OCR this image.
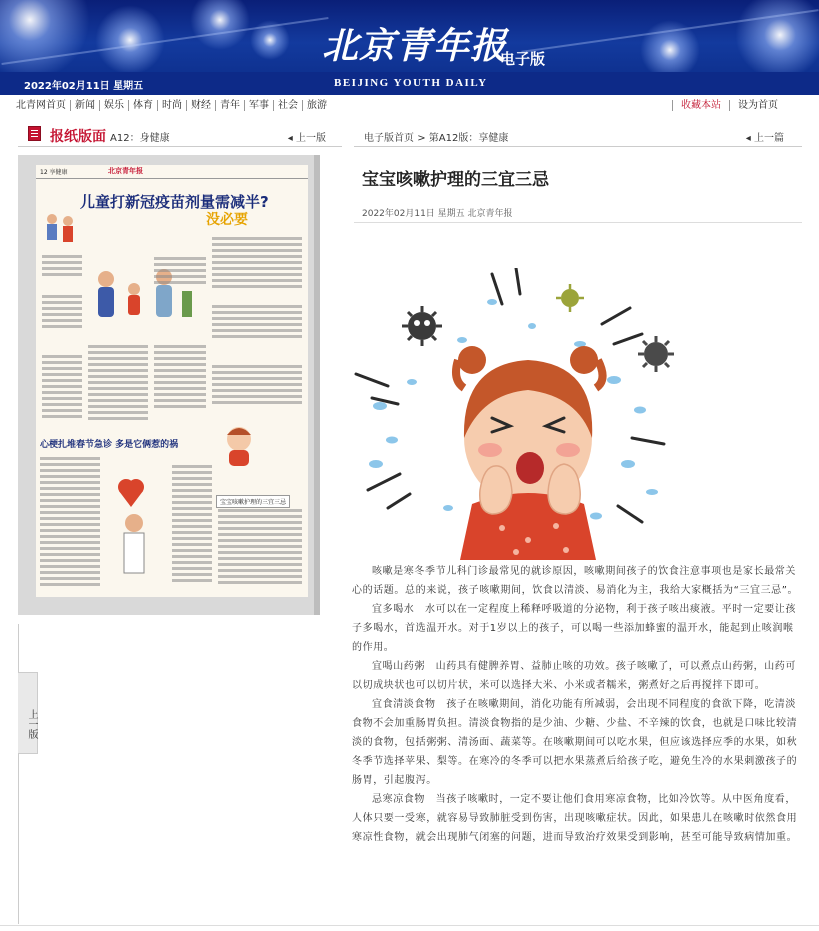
2022年02月11日 星期五
北京青年报
电子版
BEIJING YOUTH DAILY
北青网首页 新闻 娱乐 体育 时尚 财经 青年 军事 社会 旅游	收藏本站	设为首页
报纸版面 A12：身健康	◂ 上一版
12 享健康	北京青年报
儿童打新冠疫苗剂量需减半?
没必要
心梗扎堆春节急诊 多是它俩惹的祸
宝宝咳嗽护理的三宜三忌
上一版
电子版首页 > 第A12版：享健康	◂ 上一篇
宝宝咳嗽护理的三宜三忌
2022年02月11日 星期五 北京青年报

咳嗽是寒冬季节儿科门诊最常见的就诊原因，咳嗽期间孩子的饮食注意事项也是家长最常关心的话题。总的来说，孩子咳嗽期间，饮食以清淡、易消化为主，我给大家概括为“三宜三忌”。

宜多喝水　水可以在一定程度上稀释呼吸道的分泌物，利于孩子咳出痰液。平时一定要让孩子多喝水，首选温开水。对于1岁以上的孩子，可以喝一些添加蜂蜜的温开水，能起到止咳润喉的作用。

宜喝山药粥　山药具有健脾养胃、益肺止咳的功效。孩子咳嗽了，可以煮点山药粥，山药可以切成块状也可以切片状，米可以选择大米、小米或者糯米，粥煮好之后再搅拌下即可。

宜食清淡食物　孩子在咳嗽期间，消化功能有所减弱，会出现不同程度的食欲下降，吃清淡食物不会加重肠胃负担。清淡食物指的是少油、少糖、少盐、不辛辣的饮食，也就是口味比较清淡的食物，包括粥粥、清汤面、蔬菜等。在咳嗽期间可以吃水果，但应该选择应季的水果，如秋冬季节选择苹果、梨等。在寒冷的冬季可以把水果蒸煮后给孩子吃，避免生冷的水果刺激孩子的肠胃，引起腹泻。

忌寒凉食物　当孩子咳嗽时，一定不要让他们食用寒凉食物，比如冷饮等。从中医角度看，人体只要一受寒，就容易导致肺脏受到伤害，出现咳嗽症状。因此，如果患儿在咳嗽时依然食用寒凉性食物，就会出现肺气闭塞的问题，进而导致治疗效果受到影响，甚至可能导致病情加重。
